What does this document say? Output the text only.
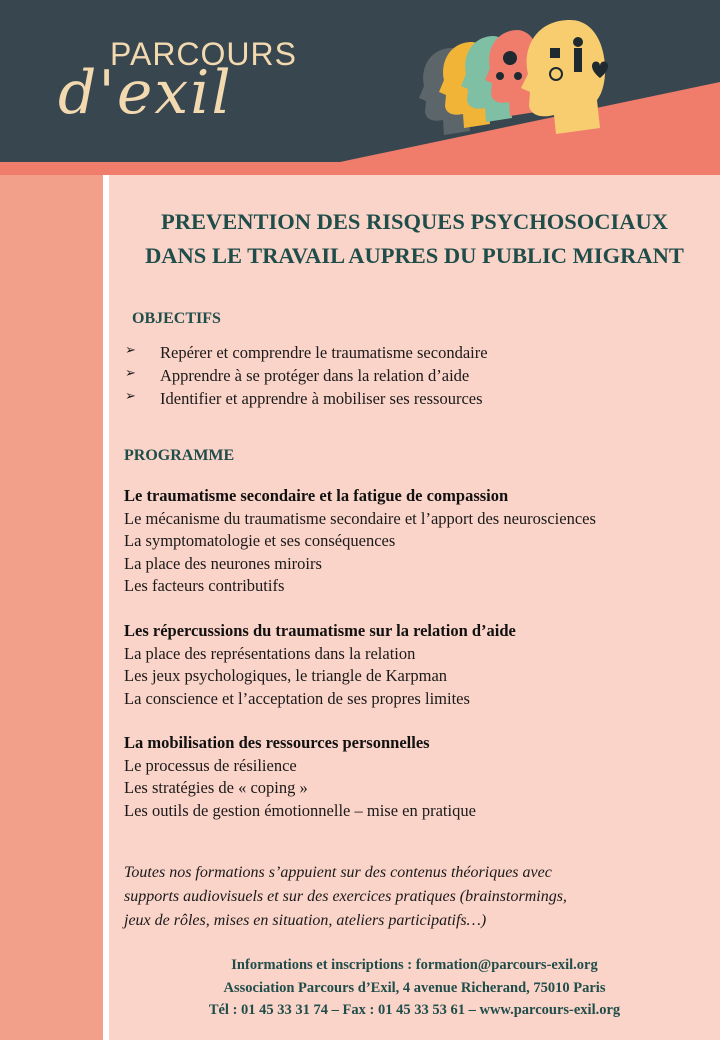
PARCOURS
d'exil
PREVENTION DES RISQUES PSYCHOSOCIAUX
DANS LE TRAVAIL AUPRES DU PUBLIC MIGRANT
OBJECTIFS
➢	Repérer et comprendre le traumatisme secondaire
➢	Apprendre à se protéger dans la relation d’aide
➢	Identifier et apprendre à mobiliser ses ressources
PROGRAMME
Le traumatisme secondaire et la fatigue de compassion
Le mécanisme du traumatisme secondaire et l’apport des neurosciences
La symptomatologie et ses conséquences
La place des neurones miroirs
Les facteurs contributifs
Les répercussions du traumatisme sur la relation d’aide
La place des représentations dans la relation
Les jeux psychologiques, le triangle de Karpman
La conscience et l’acceptation de ses propres limites
La mobilisation des ressources personnelles
Le processus de résilience
Les stratégies de « coping »
Les outils de gestion émotionnelle – mise en pratique
Toutes nos formations s’appuient sur des contenus théoriques avec
supports audiovisuels et sur des exercices pratiques (brainstormings,
jeux de rôles, mises en situation, ateliers participatifs…)
Informations et inscriptions : formation@parcours-exil.org
Association Parcours d’Exil, 4 avenue Richerand, 75010 Paris
Tél : 01 45 33 31 74 – Fax : 01 45 33 53 61 – www.parcours-exil.org
